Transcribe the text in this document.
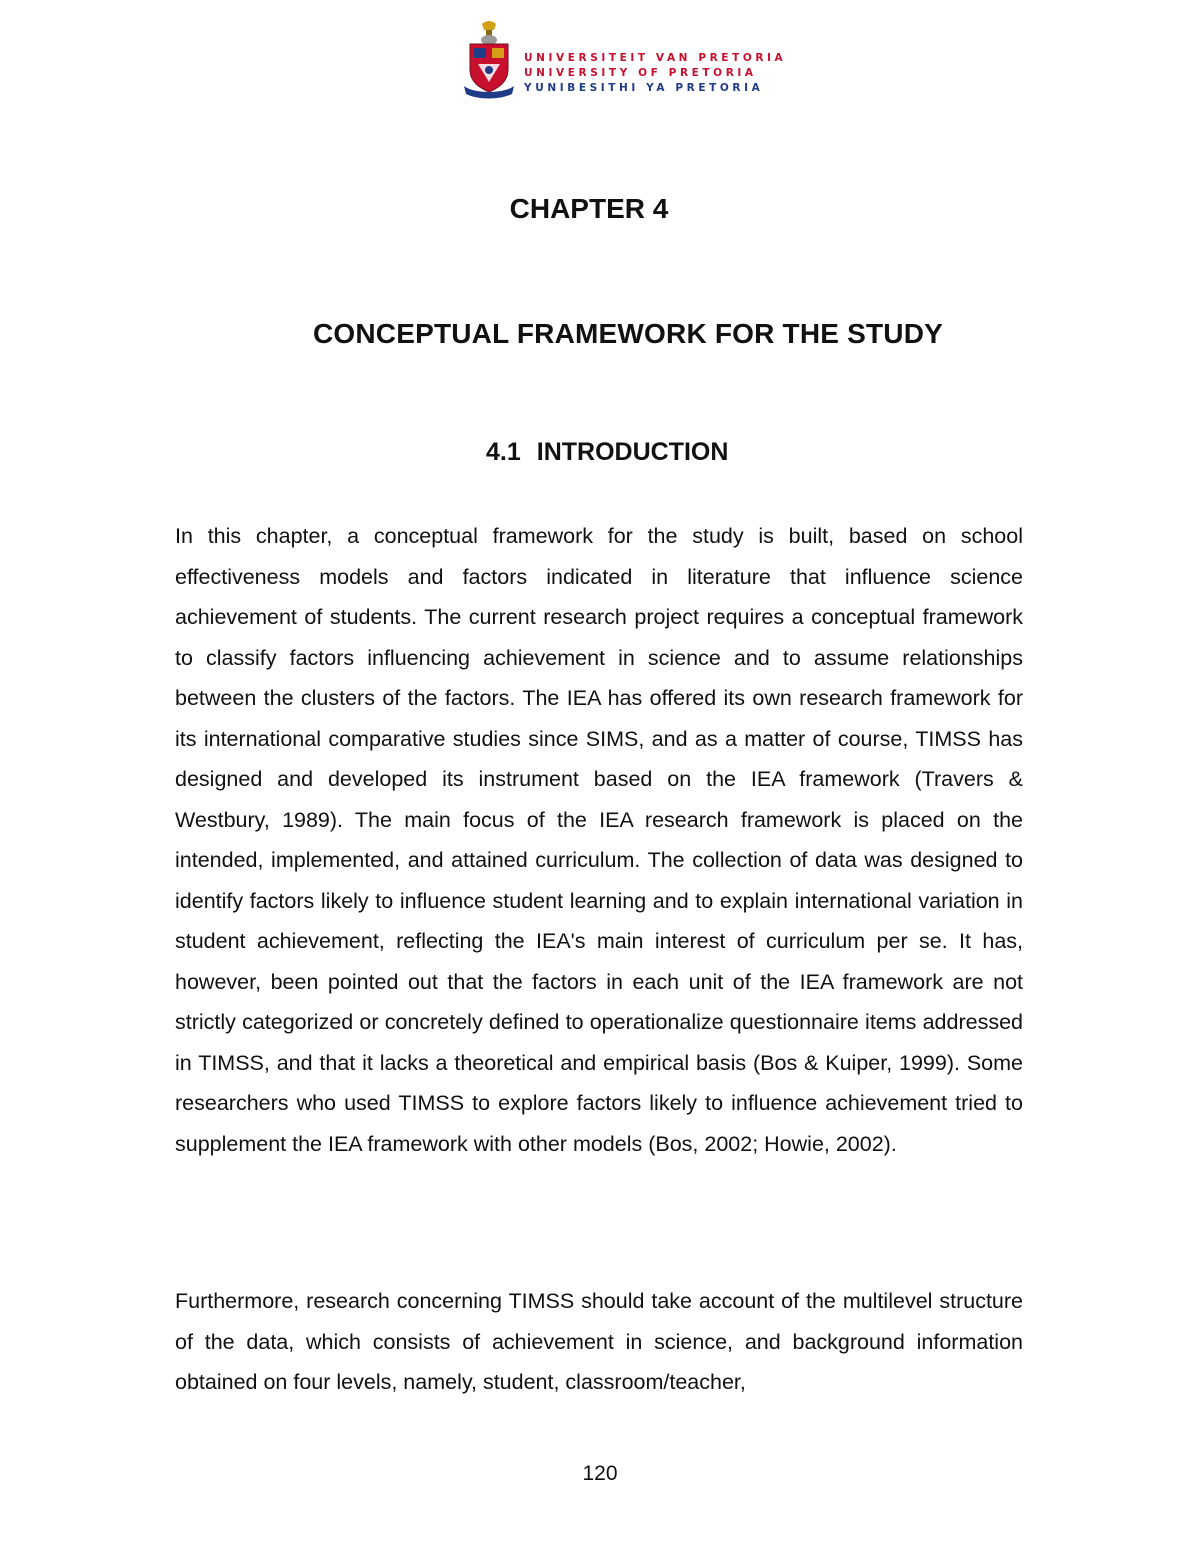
UNIVERSITEIT VAN PRETORIA
UNIVERSITY OF PRETORIA
YUNIBESITHI YA PRETORIA
CHAPTER 4
CONCEPTUAL FRAMEWORK FOR THE STUDY
4.1 INTRODUCTION

In this chapter, a conceptual framework for the study is built, based on school effectiveness models and factors indicated in literature that influence science achievement of students. The current research project requires a conceptual framework to classify factors influencing achievement in science and to assume relationships between the clusters of the factors. The IEA has offered its own research framework for its international comparative studies since SIMS, and as a matter of course, TIMSS has designed and developed its instrument based on the IEA framework (Travers & Westbury, 1989). The main focus of the IEA research framework is placed on the intended, implemented, and attained curriculum. The collection of data was designed to identify factors likely to influence student learning and to explain international variation in student achievement, reflecting the IEA's main interest of curriculum per se. It has, however, been pointed out that the factors in each unit of the IEA framework are not strictly categorized or concretely defined to operationalize questionnaire items addressed in TIMSS, and that it lacks a theoretical and empirical basis (Bos & Kuiper, 1999). Some researchers who used TIMSS to explore factors likely to influence achievement tried to supplement the IEA framework with other models (Bos, 2002; Howie, 2002).

Furthermore, research concerning TIMSS should take account of the multilevel structure of the data, which consists of achievement in science, and background information obtained on four levels, namely, student, classroom/teacher,

120
